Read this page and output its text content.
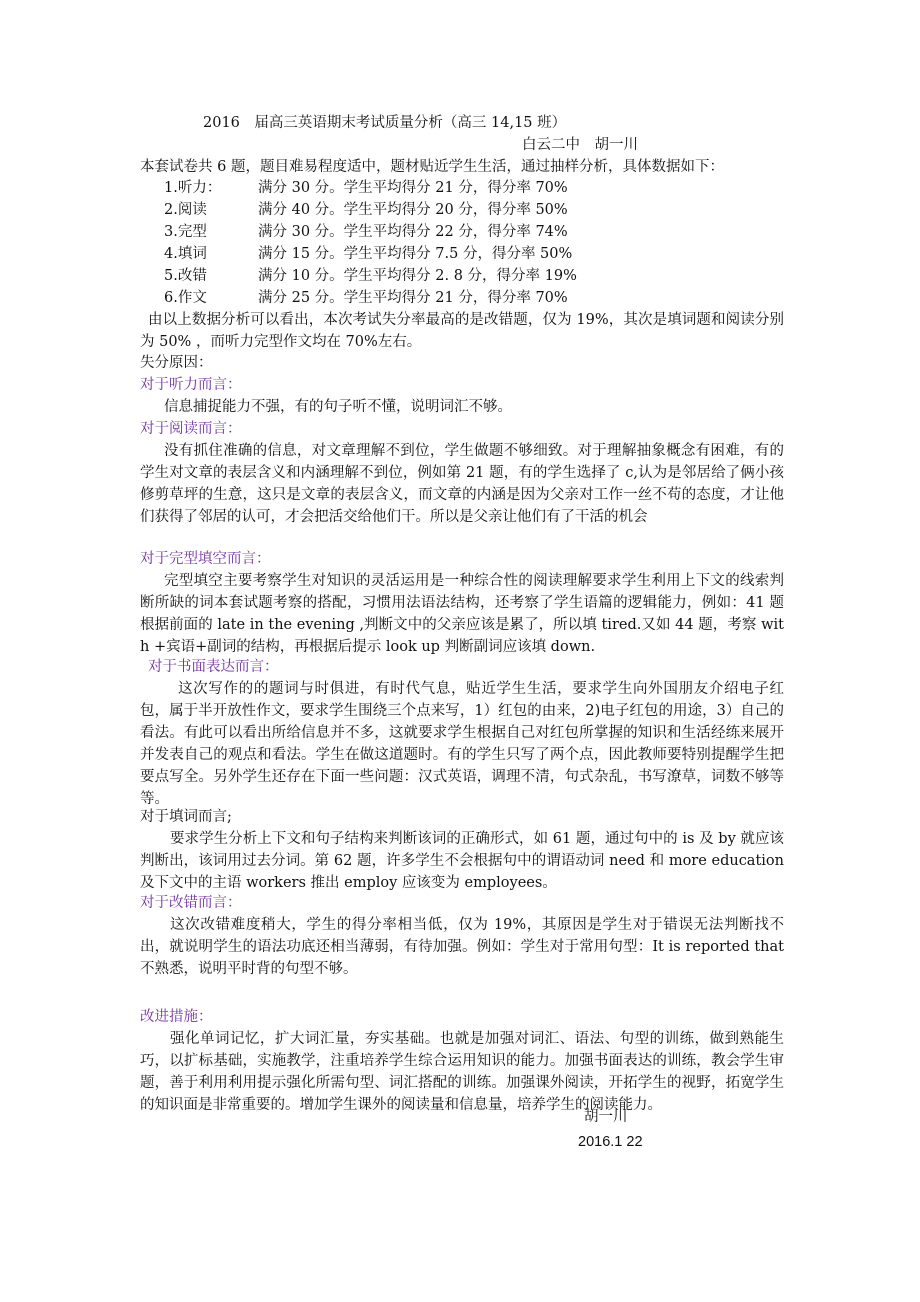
2016　届高三英语期末考试质量分析（高三 14,15 班）
白云二中　胡一川
本套试卷共 6 题，题目难易程度适中，题材贴近学生生活，通过抽样分析，具体数据如下：
1.听力：	满分 30 分。学生平均得分 21 分，得分率 70%
2.阅读	满分 40 分。学生平均得分 20 分，得分率 50%
3.完型	满分 30 分。学生平均得分 22 分，得分率 74%
4.填词	满分 15 分。学生平均得分 7.5 分，得分率 50%
5.改错	满分 10 分。学生平均得分 2. 8 分，得分率 19%
6.作文	满分 25 分。学生平均得分 21 分，得分率 70%
由以上数据分析可以看出，本次考试失分率最高的是改错题，仅为 19%，其次是填词题和阅读分别为 50% ，而听力完型作文均在 70%左右。
失分原因：
对于听力而言：
信息捕捉能力不强，有的句子听不懂，说明词汇不够。
对于阅读而言：
没有抓住准确的信息，对文章理解不到位，学生做题不够细致。对于理解抽象概念有困难，有的学生对文章的表层含义和内涵理解不到位，例如第 21 题，有的学生选择了 c,认为是邻居给了俩小孩修剪草坪的生意，这只是文章的表层含义，而文章的内涵是因为父亲对工作一丝不苟的态度，才让他们获得了邻居的认可，才会把活交给他们干。所以是父亲让他们有了干活的机会
对于完型填空而言：
完型填空主要考察学生对知识的灵活运用是一种综合性的阅读理解要求学生利用上下文的线索判断所缺的词本套试题考察的搭配，习惯用法语法结构，还考察了学生语篇的逻辑能力，例如：41 题根据前面的 late in the evening ,判断文中的父亲应该是累了，所以填 tired.又如 44 题，考察 with +宾语+副词的结构，再根据后提示 look up 判断副词应该填 down.
对于书面表达而言：
这次写作的的题词与时俱进，有时代气息，贴近学生生活，要求学生向外国朋友介绍电子红包，属于半开放性作文，要求学生围绕三个点来写，1）红包的由来，2)电子红包的用途，3）自己的看法。有此可以看出所给信息并不多，这就要求学生根据自己对红包所掌握的知识和生活经练来展开并发表自己的观点和看法。学生在做这道题时。有的学生只写了两个点，因此教师要特别提醒学生把要点写全。另外学生还存在下面一些问题：汉式英语，调理不清，句式杂乱，书写潦草，词数不够等等。
对于填词而言;
要求学生分析上下文和句子结构来判断该词的正确形式，如 61 题，通过句中的 is 及 by 就应该判断出，该词用过去分词。第 62 题，许多学生不会根据句中的谓语动词 need 和 more education 及下文中的主语 workers 推出 employ 应该变为 employees。
对于改错而言：
这次改错难度稍大，学生的得分率相当低，仅为 19%，其原因是学生对于错误无法判断找不出，就说明学生的语法功底还相当薄弱，有待加强。例如：学生对于常用句型：It is reported that 不熟悉，说明平时背的句型不够。
改进措施：
强化单词记忆，扩大词汇量，夯实基础。也就是加强对词汇、语法、句型的训练，做到熟能生巧，以扩标基础，实施教学，注重培养学生综合运用知识的能力。加强书面表达的训练，教会学生审题，善于利用利用提示强化所需句型、词汇搭配的训练。加强课外阅读，开拓学生的视野，拓宽学生的知识面是非常重要的。增加学生课外的阅读量和信息量，培养学生的阅读能力。
胡一川
2016.1 22
